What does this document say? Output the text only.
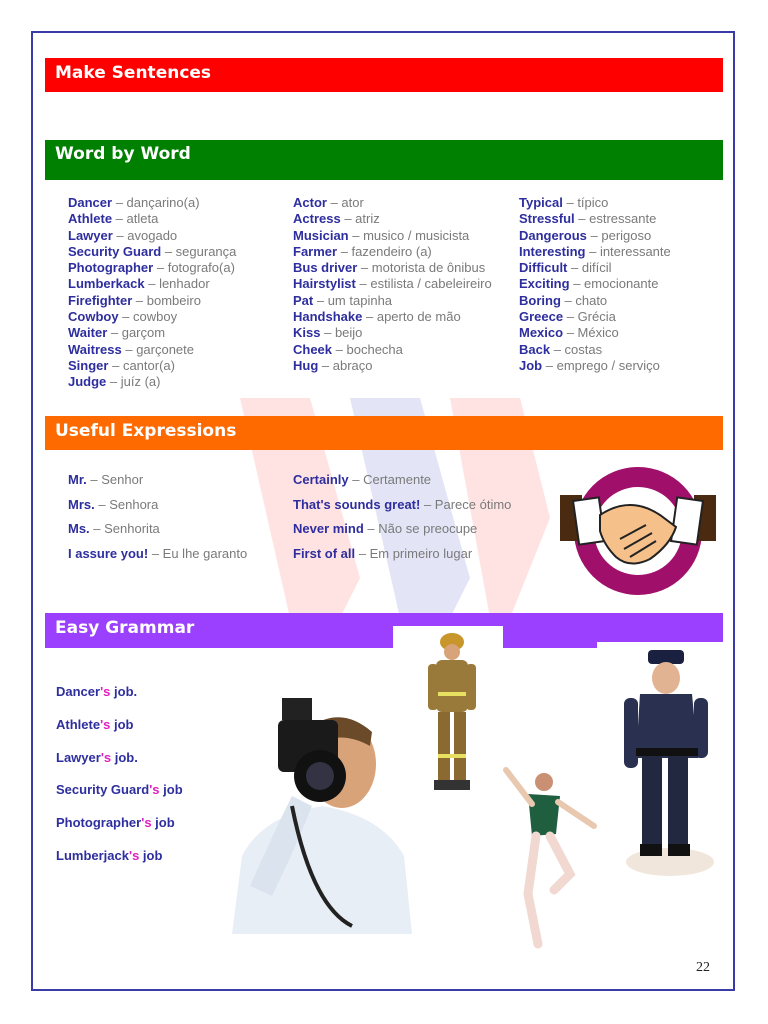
Make Sentences
Word by Word
Useful Expressions
Easy Grammar
Dancer – dançarino(a)
Athlete – atleta
Lawyer – avogado
Security Guard – segurança
Photographer – fotografo(a)
Lumberkack – lenhador
Firefighter – bombeiro
Cowboy – cowboy
Waiter – garçom
Waitress – garçonete
Singer – cantor(a)
Judge – juíz (a)
Actor – ator
Actress – atriz
Musician – musico / musicista
Farmer – fazendeiro (a)
Bus driver – motorista de ônibus
Hairstylist – estilista / cabeleireiro
Pat – um tapinha
Handshake – aperto de mão
Kiss – beijo
Cheek – bochecha
Hug – abraço
Typical – típico
Stressful – estressante
Dangerous – perigoso
Interesting – interessante
Difficult – difícil
Exciting – emocionante
Boring – chato
Greece – Grécia
Mexico – México
Back – costas
Job – emprego / serviço
Mr. – Senhor
Mrs. – Senhora
Ms. – Senhorita
I assure you! – Eu lhe garanto
Certainly – Certamente
That's sounds great! – Parece ótimo
Never mind – Não se preocupe
First of all – Em primeiro lugar
Dancer's job.
Athlete's job
Lawyer's job.
Security Guard's job
Photographer's job
Lumberjack's job
22
